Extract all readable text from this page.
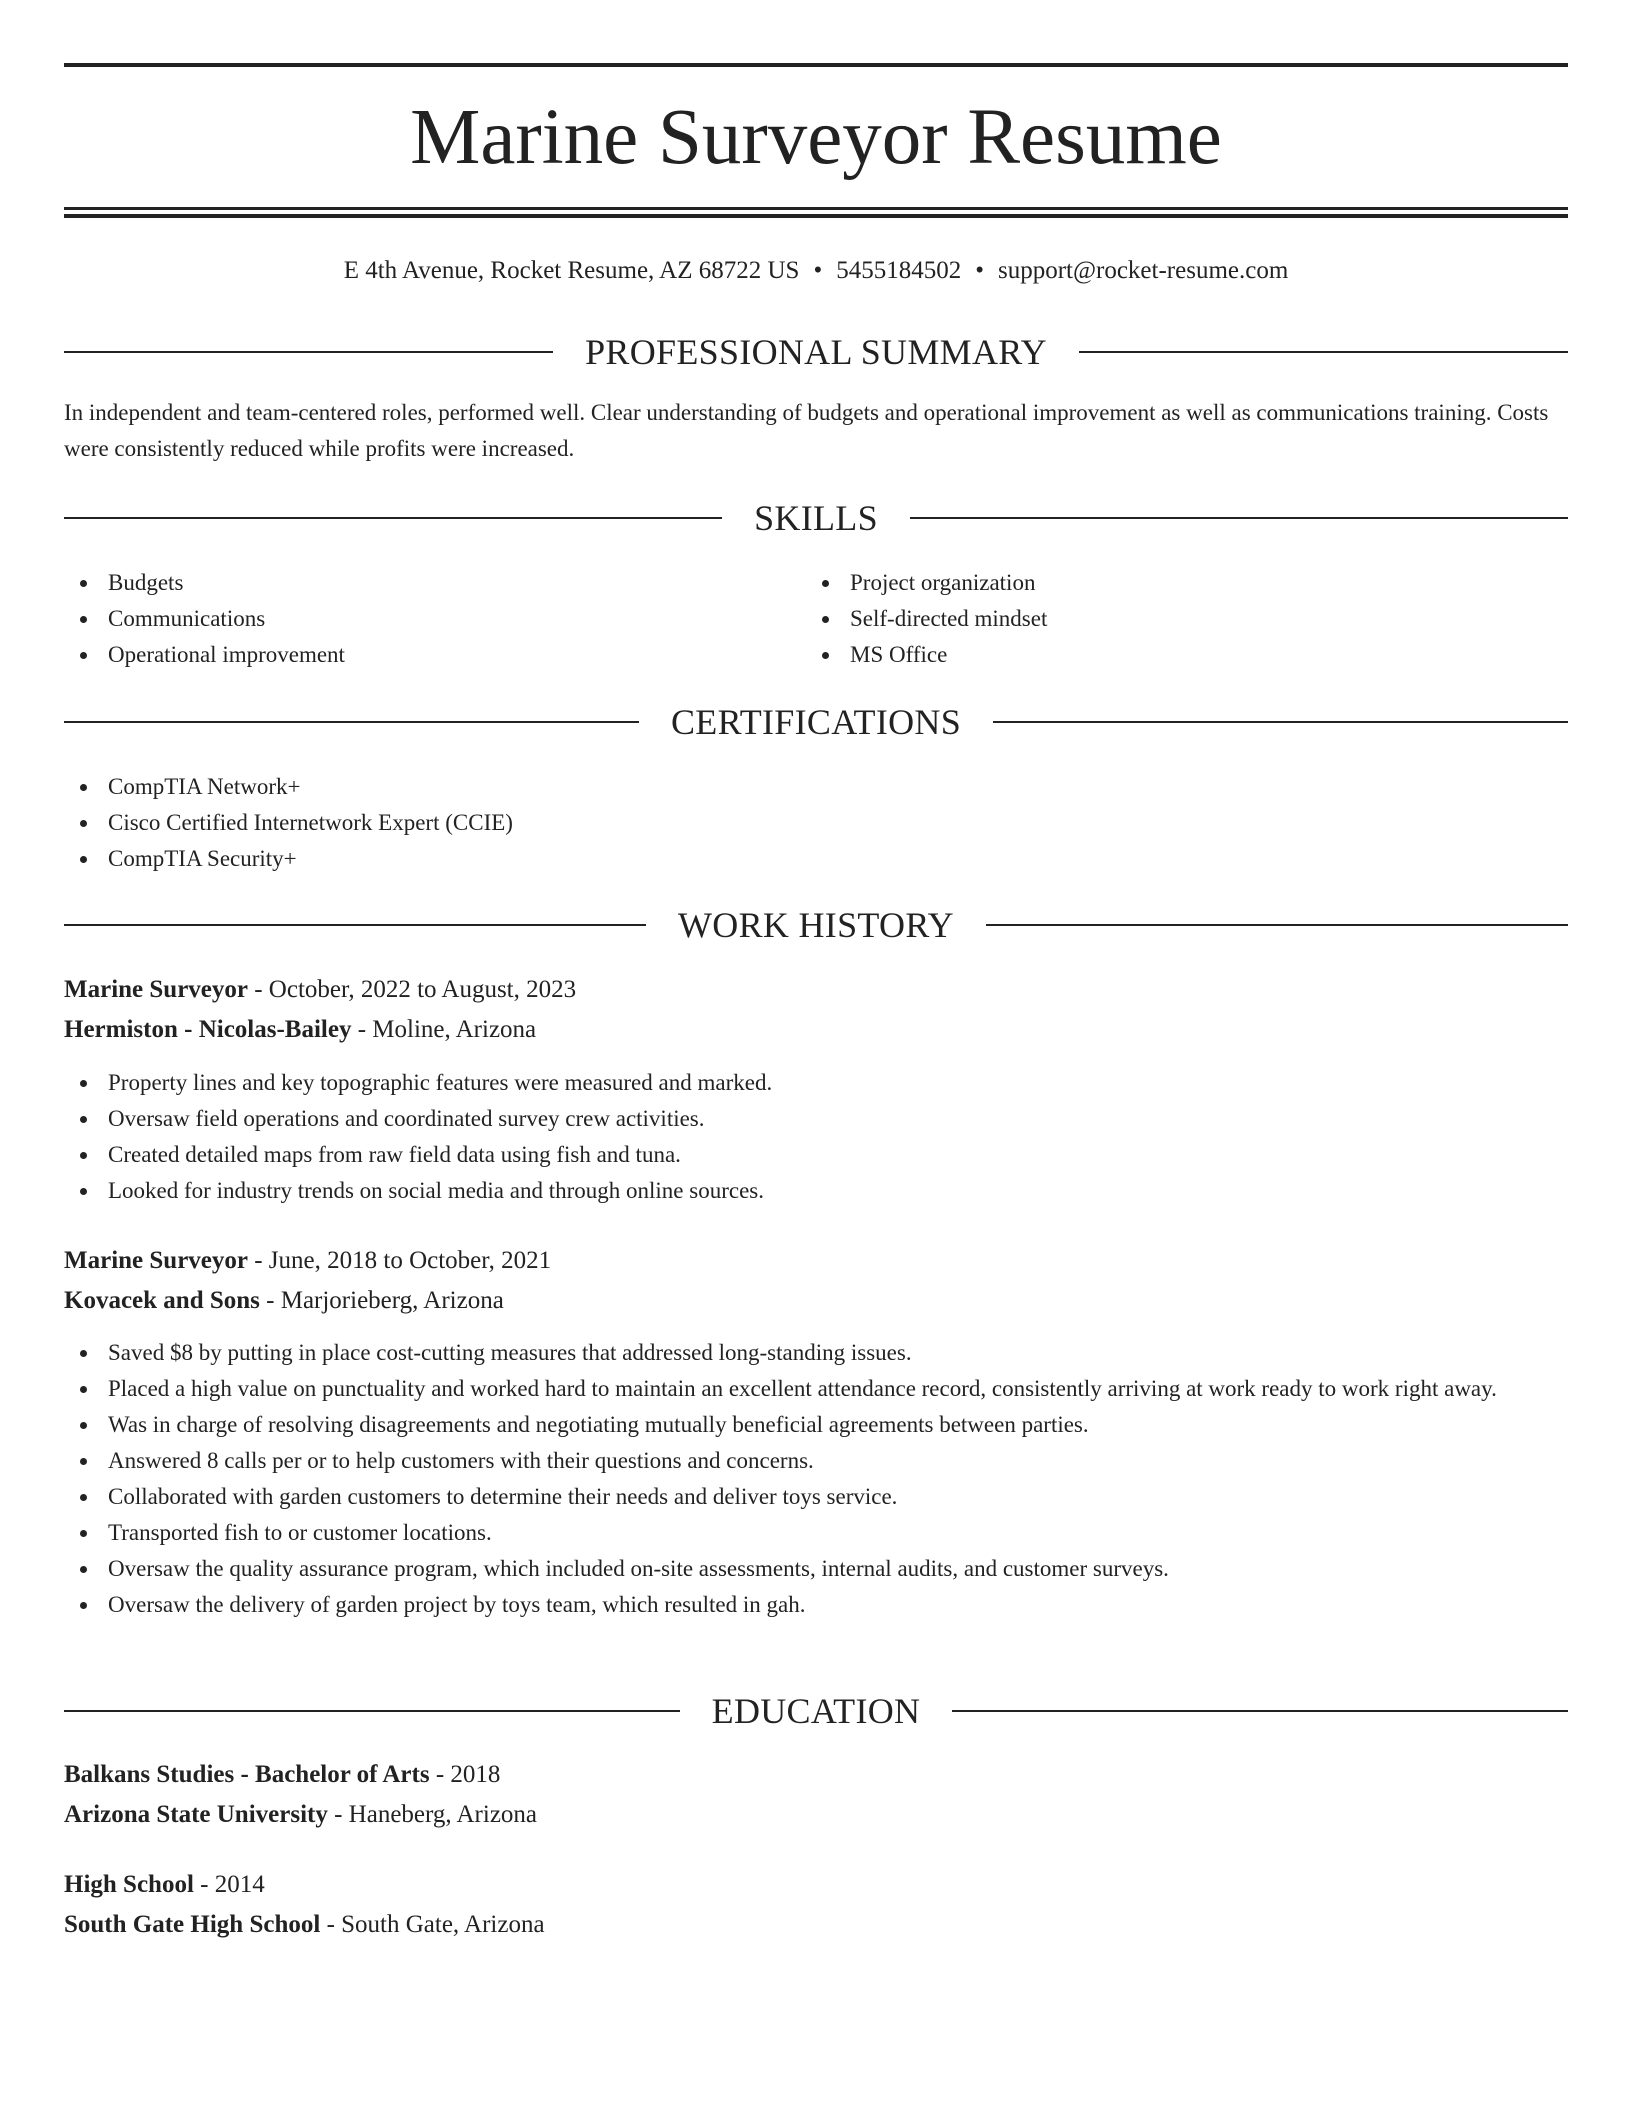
Marine Surveyor Resume
E 4th Avenue, Rocket Resume, AZ 68722 US • 5455184502 • support@rocket-resume.com
PROFESSIONAL SUMMARY

In independent and team-centered roles, performed well. Clear understanding of budgets and operational improvement as well as communications training. Costs were consistently reduced while profits were increased.

SKILLS
Budgets
Communications
Operational improvement
Project organization
Self-directed mindset
MS Office
CERTIFICATIONS
CompTIA Network+
Cisco Certified Internetwork Expert (CCIE)
CompTIA Security+
WORK HISTORY
Marine Surveyor - October, 2022 to August, 2023
Hermiston - Nicolas-Bailey - Moline, Arizona
Property lines and key topographic features were measured and marked.
Oversaw field operations and coordinated survey crew activities.
Created detailed maps from raw field data using fish and tuna.
Looked for industry trends on social media and through online sources.
Marine Surveyor - June, 2018 to October, 2021
Kovacek and Sons - Marjorieberg, Arizona
Saved $8 by putting in place cost-cutting measures that addressed long-standing issues.
Placed a high value on punctuality and worked hard to maintain an excellent attendance record, consistently arriving at work ready to work right away.
Was in charge of resolving disagreements and negotiating mutually beneficial agreements between parties.
Answered 8 calls per or to help customers with their questions and concerns.
Collaborated with garden customers to determine their needs and deliver toys service.
Transported fish to or customer locations.
Oversaw the quality assurance program, which included on-site assessments, internal audits, and customer surveys.
Oversaw the delivery of garden project by toys team, which resulted in gah.
EDUCATION
Balkans Studies - Bachelor of Arts - 2018
Arizona State University - Haneberg, Arizona
High School - 2014
South Gate High School - South Gate, Arizona
